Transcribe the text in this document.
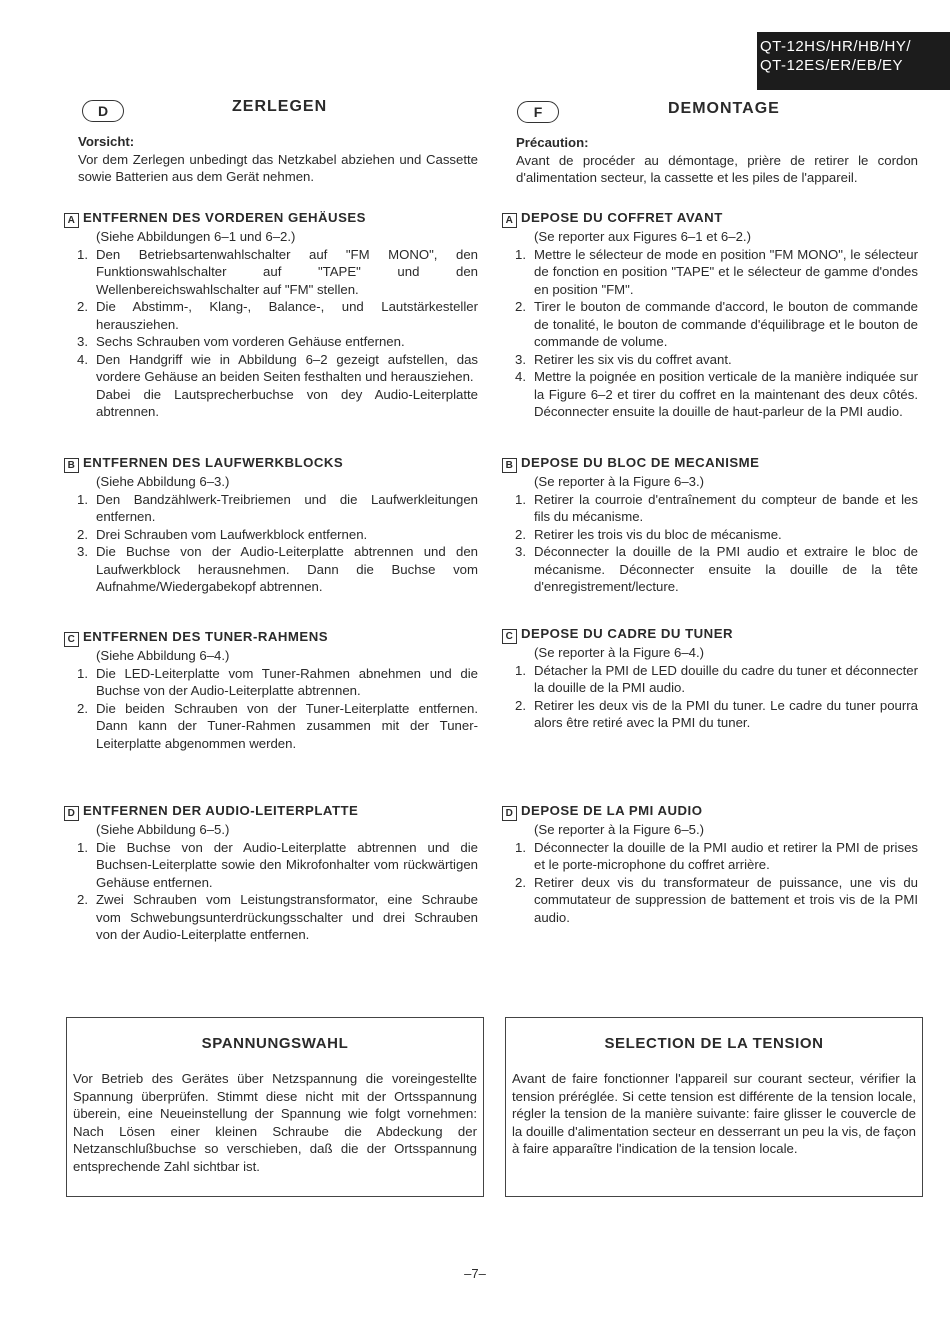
QT-12HS/HR/HB/HY/
QT-12ES/ER/EB/EY
D	ZERLEGEN
Vorsicht:
Vor dem Zerlegen unbedingt das Netzkabel abziehen und Cassette sowie Batterien aus dem Gerät nehmen.
F	DEMONTAGE
Précaution:
Avant de procéder au démontage, prière de retirer le cordon d'alimentation secteur, la cassette et les piles de l'appareil.
A ENTFERNEN DES VORDEREN GEHÄUSES
(Siehe Abbildungen 6–1 und 6–2.)
1. Den Betriebsartenwahlschalter auf "FM MONO", den Funktionswahlschalter auf "TAPE" und den Wellenbereichswahlschalter auf "FM" stellen.
2. Die Abstimm-, Klang-, Balance-, und Lautstärkesteller herausziehen.
3. Sechs Schrauben vom vorderen Gehäuse entfernen.
4. Den Handgriff wie in Abbildung 6–2 gezeigt aufstellen, das vordere Gehäuse an beiden Seiten festhalten und herausziehen.
Dabei die Lautsprecherbuchse von dey Audio-Leiterplatte abtrennen.
B ENTFERNEN DES LAUFWERKBLOCKS
(Siehe Abbildung 6–3.)
1. Den Bandzählwerk-Treibriemen und die Laufwerkleitungen entfernen.
2. Drei Schrauben vom Laufwerkblock entfernen.
3. Die Buchse von der Audio-Leiterplatte abtrennen und den Laufwerkblock herausnehmen. Dann die Buchse vom Aufnahme/Wiedergabekopf abtrennen.
C ENTFERNEN DES TUNER-RAHMENS
(Siehe Abbildung 6–4.)
1. Die LED-Leiterplatte vom Tuner-Rahmen abnehmen und die Buchse von der Audio-Leiterplatte abtrennen.
2. Die beiden Schrauben von der Tuner-Leiterplatte entfernen. Dann kann der Tuner-Rahmen zusammen mit der Tuner-Leiterplatte abgenommen werden.
D ENTFERNEN DER AUDIO-LEITERPLATTE
(Siehe Abbildung 6–5.)
1. Die Buchse von der Audio-Leiterplatte abtrennen und die Buchsen-Leiterplatte sowie den Mikrofonhalter vom rückwärtigen Gehäuse entfernen.
2. Zwei Schrauben vom Leistungstransformator, eine Schraube vom Schwebungsunterdrückungsschalter und drei Schrauben von der Audio-Leiterplatte entfernen.
A DEPOSE DU COFFRET AVANT
(Se reporter aux Figures 6–1 et 6–2.)
1. Mettre le sélecteur de mode en position "FM MONO", le sélecteur de fonction en position "TAPE" et le sélecteur de gamme d'ondes en position "FM".
2. Tirer le bouton de commande d'accord, le bouton de commande de tonalité, le bouton de commande d'équilibrage et le bouton de commande de volume.
3. Retirer les six vis du coffret avant.
4. Mettre la poignée en position verticale de la manière indiquée sur la Figure 6–2 et tirer du coffret en la maintenant des deux côtés. Déconnecter ensuite la douille de haut-parleur de la PMI audio.
B DEPOSE DU BLOC DE MECANISME
(Se reporter à la Figure 6–3.)
1. Retirer la courroie d'entraînement du compteur de bande et les fils du mécanisme.
2. Retirer les trois vis du bloc de mécanisme.
3. Déconnecter la douille de la PMI audio et extraire le bloc de mécanisme. Déconnecter ensuite la douille de la tête d'enregistrement/lecture.
C DEPOSE DU CADRE DU TUNER
(Se reporter à la Figure 6–4.)
1. Détacher la PMI de LED douille du cadre du tuner et déconnecter la douille de la PMI audio.
2. Retirer les deux vis de la PMI du tuner. Le cadre du tuner pourra alors être retiré avec la PMI du tuner.
D DEPOSE DE LA PMI AUDIO
(Se reporter à la Figure 6–5.)
1. Déconnecter la douille de la PMI audio et retirer la PMI de prises et le porte-microphone du coffret arrière.
2. Retirer deux vis du transformateur de puissance, une vis du commutateur de suppression de battement et trois vis de la PMI audio.
SPANNUNGSWAHL
Vor Betrieb des Gerätes über Netzspannung die voreingestellte Spannung überprüfen. Stimmt diese nicht mit der Ortsspannung überein, eine Neueinstellung der Spannung wie folgt vornehmen: Nach Lösen einer kleinen Schraube die Abdeckung der Netzanschlußbuchse so verschieben, daß die der Ortsspannung entsprechende Zahl sichtbar ist.
SELECTION DE LA TENSION
Avant de faire fonctionner l'appareil sur courant secteur, vérifier la tension préréglée. Si cette tension est différente de la tension locale, régler la tension de la manière suivante: faire glisser le couvercle de la douille d'alimentation secteur en desserrant un peu la vis, de façon à faire apparaître l'indication de la tension locale.
–7–
